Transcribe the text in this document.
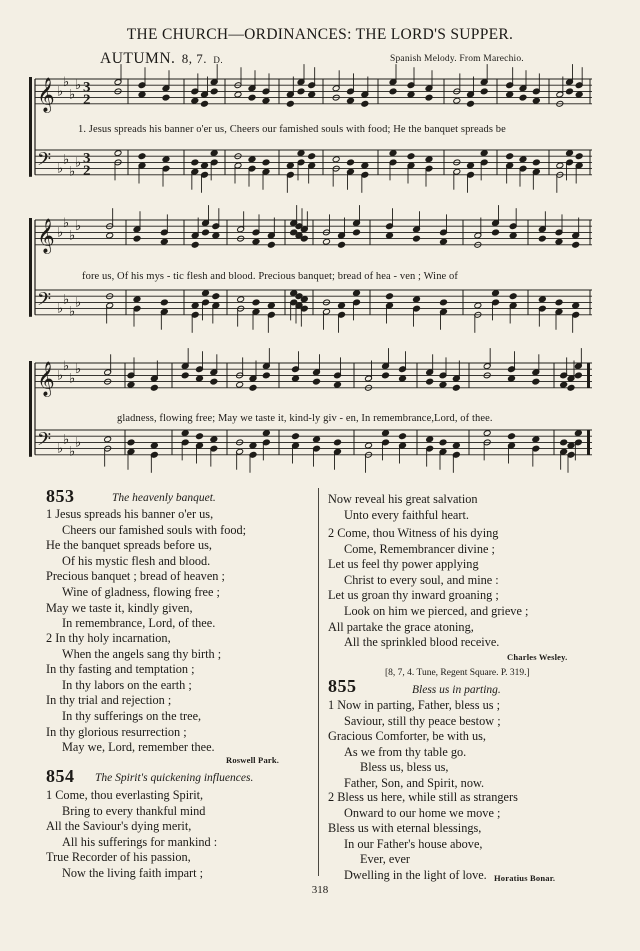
THE CHURCH—ORDINANCES: THE LORD'S SUPPER.
AUTUMN. 8, 7. D.	Spanish Melody. From Marechio.
𝄞 ♭
♭
♭
♭ 3
2
𝄢 ♭
♭
♭
♭ 3
2
𝄞 ♭
♭
♭
♭
𝄢 ♭
♭
♭
♭
𝄞 ♭
♭
♭
♭
𝄢 ♭
♭
♭
♭
1. Jesus spreads his banner o'er us, Cheers our famished souls with food; He the banquet spreads be
fore us, Of his mys - tic flesh and blood. Precious banquet; bread of hea - ven ; Wine of
gladness, flowing free; May we taste it, kind-ly giv - en, In remembrance,Lord, of thee.
853	The heavenly banquet.
1 Jesus spreads his banner o'er us,
Cheers our famished souls with food;
He the banquet spreads before us,
Of his mystic flesh and blood.
Precious banquet ; bread of heaven ;
Wine of gladness, flowing free ;
May we taste it, kindly given,
In remembrance, Lord, of thee.
2 In thy holy incarnation,
When the angels sang thy birth ;
In thy fasting and temptation ;
In thy labors on the earth ;
In thy trial and rejection ;
In thy sufferings on the tree,
In thy glorious resurrection ;
May we, Lord, remember thee.
Roswell Park.
854 The Spirit's quickening influences.
1 Come, thou everlasting Spirit,
Bring to every thankful mind
All the Saviour's dying merit,
All his sufferings for mankind :
True Recorder of his passion,
Now the living faith impart ;
Now reveal his great salvation
Unto every faithful heart.
2 Come, thou Witness of his dying
Come, Remembrancer divine ;
Let us feel thy power applying
Christ to every soul, and mine :
Let us groan thy inward groaning ;
Look on him we pierced, and grieve ;
All partake the grace atoning,
All the sprinkled blood receive.
Charles Wesley.
[8, 7, 4. Tune, Regent Square. P. 319.]
855	Bless us in parting.
1 Now in parting, Father, bless us ;
Saviour, still thy peace bestow ;
Gracious Comforter, be with us,
As we from thy table go.
Bless us, bless us,
Father, Son, and Spirit, now.
2 Bless us here, while still as strangers
Onward to our home we move ;
Bless us with eternal blessings,
In our Father's house above,
Ever, ever
Dwelling in the light of love. Horatius Bonar.
318
